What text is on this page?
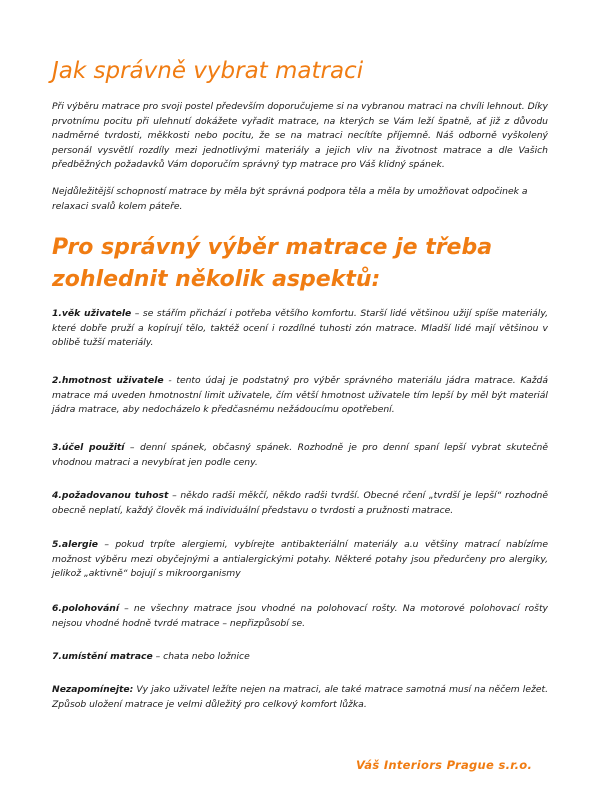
Jak správně vybrat matraci

Při výběru matrace pro svoji postel především doporučujeme si na vybranou matraci na chvíli lehnout. Díky prvotnímu pocitu při ulehnutí dokážete vyřadit matrace, na kterých se Vám leží špatně, ať již z důvodu nadměrné tvrdosti, měkkosti nebo pocitu, že se na matraci necítíte příjemně. Náš odborně vyškolený personál vysvětlí rozdíly mezi jednotlivými materiály a jejich vliv na životnost matrace a dle Vašich předběžných požadavků Vám doporučím správný typ matrace pro Váš klidný spánek.

Nejdůležitější schopností matrace by měla být správná podpora těla a měla by umožňovat odpočinek a relaxaci svalů kolem páteře.

Pro správný výběr matrace je třeba zohlednit několik aspektů:

1.věk uživatele – se stářím přichází i potřeba většího komfortu. Starší lidé většinou užijí spíše materiály, které dobře pruží a kopírují tělo, taktéž ocení i rozdílné tuhosti zón matrace. Mladší lidé mají většinou v oblibě tužší materiály.

2.hmotnost uživatele - tento údaj je podstatný pro výběr správného materiálu jádra matrace. Každá matrace má uveden hmotnostní limit uživatele, čím větší hmotnost uživatele tím lepší by měl být materiál jádra matrace, aby nedocházelo k předčasnému nežádoucímu opotřebení.

3.účel použití – denní spánek, občasný spánek. Rozhodně je pro denní spaní lepší vybrat skutečně vhodnou matraci a nevybírat jen podle ceny.

4.požadovanou tuhost – někdo radši měkčí, někdo radši tvrdší. Obecné rčení „tvrdší je lepší“ rozhodně obecně neplatí, každý člověk má individuální představu o tvrdosti a pružnosti matrace.

5.alergie – pokud trpíte alergiemi, vybírejte antibakteriální materiály a.u většiny matrací nabízíme možnost výběru mezi obyčejnými a antialergickými potahy. Některé potahy jsou předurčeny pro alergiky, jelikož „aktivně“ bojují s mikroorganismy

6.polohování – ne všechny matrace jsou vhodné na polohovací rošty. Na motorové polohovací rošty nejsou vhodné hodně tvrdé matrace – nepřizpůsobí se.

7.umístění matrace – chata nebo ložnice

Nezapomínejte: Vy jako uživatel ležíte nejen na matraci, ale také matrace samotná musí na něčem ležet. Způsob uložení matrace je velmi důležitý pro celkový komfort lůžka.

Váš Interiors Prague s.r.o.
